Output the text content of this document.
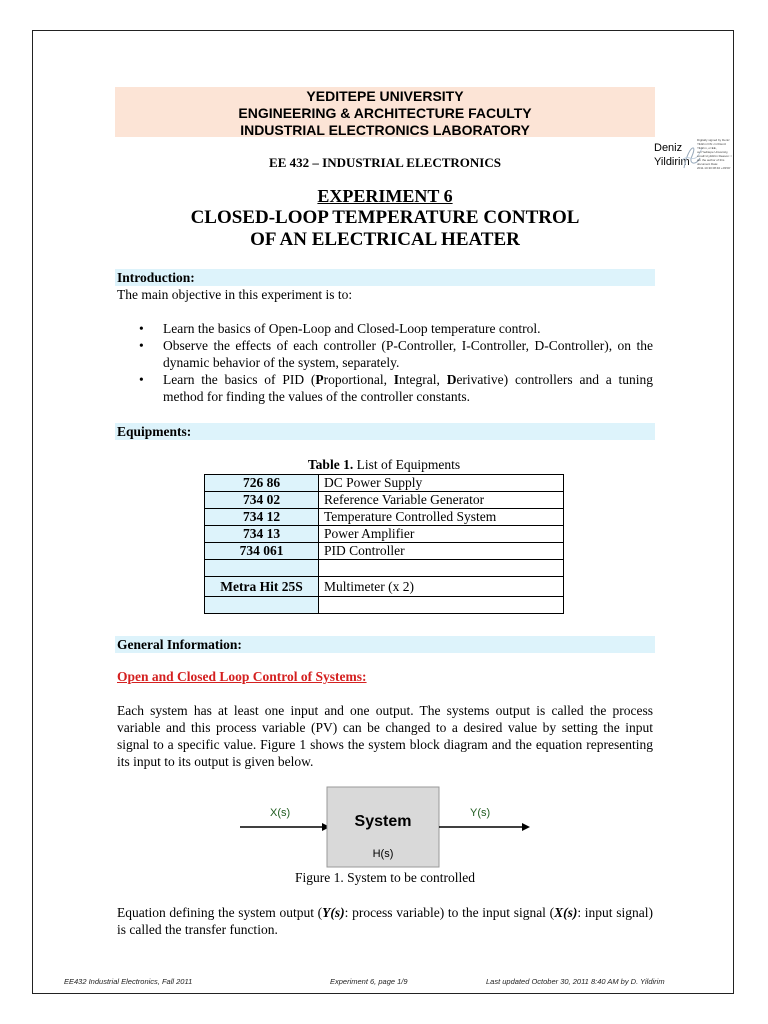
YEDITEPE UNIVERSITY
ENGINEERING & ARCHITECTURE FACULTY
INDUSTRIAL ELECTRONICS LABORATORY
Deniz
Yildirim
Digitally signed by Deniz Yildirim DN: cn=Deniz Yildirim, o=EE, ou=Yeditepe University, email=d.yildirim Reason: I am the author of this document Date: 2011.10.30 08:40 +03'00'
EE 432 – INDUSTRIAL ELECTRONICS
EXPERIMENT 6
CLOSED-LOOP TEMPERATURE CONTROL
OF AN ELECTRICAL HEATER
Introduction:
The main objective in this experiment is to:
• Learn the basics of Open-Loop and Closed-Loop temperature control.
• Observe the effects of each controller (P-Controller, I-Controller, D-Controller), on the dynamic behavior of the system, separately.
• Learn the basics of PID (Proportional, Integral, Derivative) controllers and a tuning method for finding the values of the controller constants.
Equipments:
Table 1. List of Equipments
726 86	DC Power Supply
734 02	Reference Variable Generator
734 12	Temperature Controlled System
734 13	Power Amplifier
734 061	PID Controller

Metra Hit 25S	Multimeter (x 2)

General Information:
Open and Closed Loop Control of Systems:
Each system has at least one input and one output. The systems output is called the process variable and this process variable (PV) can be changed to a desired value by setting the input signal to a specific value. Figure 1 shows the system block diagram and the equation representing its input to its output is given below.
X(s)	Y(s)
System
H(s)
Figure 1. System to be controlled
Equation defining the system output (Y(s): process variable) to the input signal (X(s): input signal) is called the transfer function.
EE432 Industrial Electronics, Fall 2011	Experiment 6, page 1/9	Last updated October 30, 2011 8:40 AM by D. Yildirim
